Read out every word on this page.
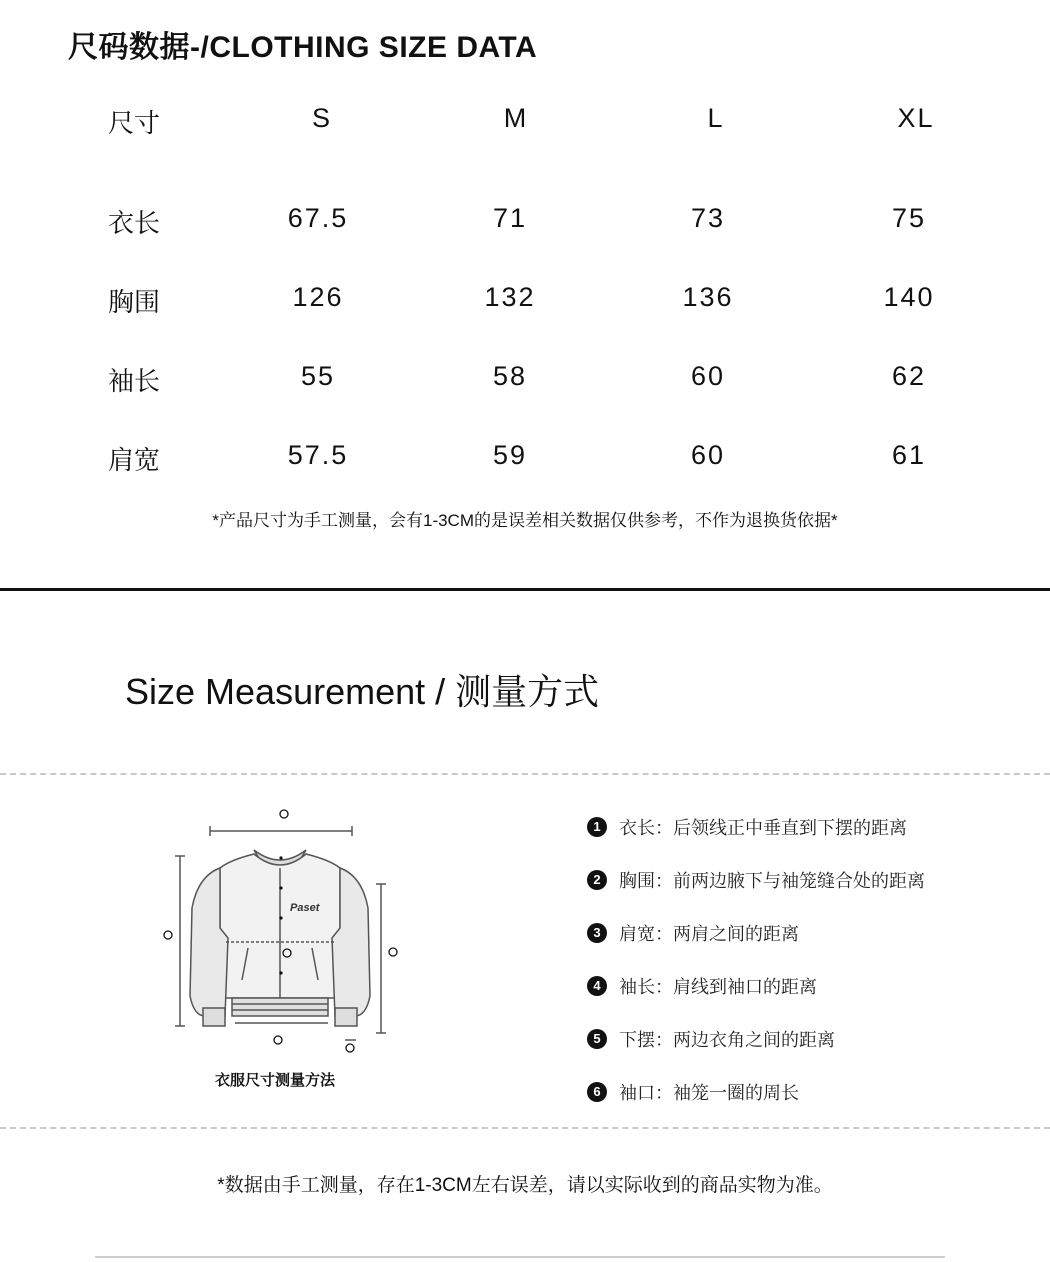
尺码数据-/CLOTHING SIZE DATA
尺寸	S	M	L	XL
衣长	67.5	71	73	75
胸围	126	132	136	140
袖长	55	58	60	62
肩宽	57.5	59	60	61
*产品尺寸为手工测量，会有1-3CM的是误差相关数据仅供参考，不作为退换货依据*
Size Measurement / 测量方式
Paset
衣服尺寸测量方法
1	衣长：后领线正中垂直到下摆的距离
2	胸围：前两边腋下与袖笼缝合处的距离
3	肩宽：两肩之间的距离
4	袖长：肩线到袖口的距离
5	下摆：两边衣角之间的距离
6	袖口：袖笼一圈的周长
*数据由手工测量，存在1-3CM左右误差，请以实际收到的商品实物为准。
